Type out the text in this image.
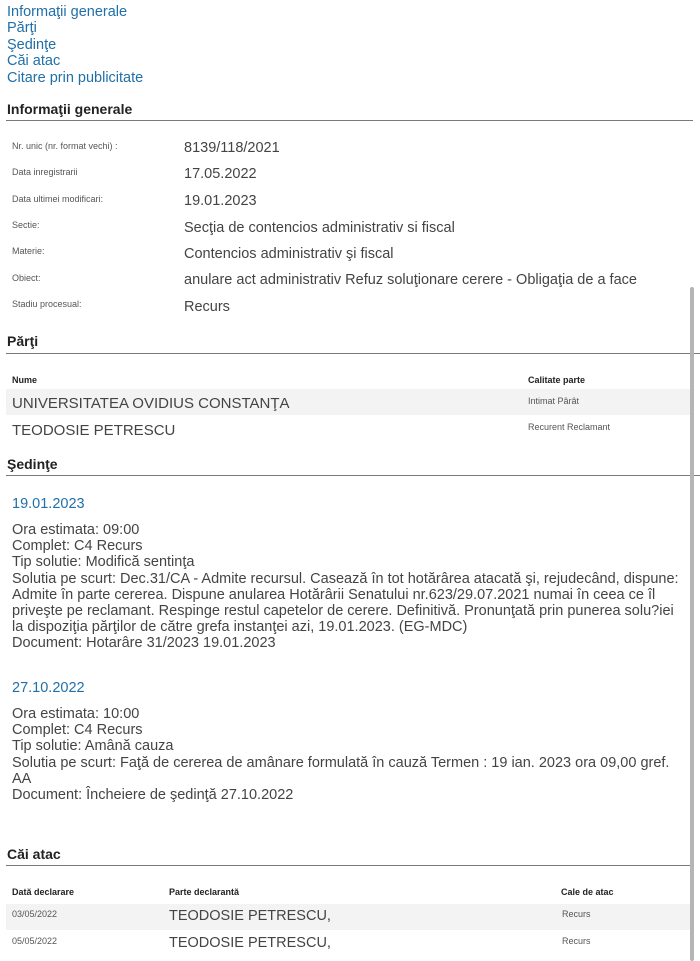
Informaţii generale
Părţi
Şedinţe
Căi atac
Citare prin publicitate
Informaţii generale
Nr. unic (nr. format vechi) :	8139/118/2021
Data inregistrarii	17.05.2022
Data ultimei modificari:	19.01.2023
Sectie:	Secţia de contencios administrativ si fiscal
Materie:	Contencios administrativ şi fiscal
Obiect:	anulare act administrativ Refuz soluţionare cerere - Obligaţia de a face
Stadiu procesual:	Recurs
Părţi
Nume	Calitate parte
UNIVERSITATEA OVIDIUS CONSTANŢA	Intimat Pârât
TEODOSIE PETRESCU	Recurent Reclamant
Şedinţe
19.01.2023
Ora estimata: 09:00
Complet: C4 Recurs
Tip solutie: Modifică sentinţa
Solutia pe scurt: Dec.31/CA - Admite recursul. Casează în tot hotărârea atacată şi, rejudecând, dispune: Admite în parte cererea. Dispune anularea Hotărârii Senatului nr.623/29.07.2021 numai în ceea ce îl priveşte pe reclamant. Respinge restul capetelor de cerere. Definitivă. Pronunţată prin punerea solu?iei la dispoziţia părţilor de către grefa instanţei azi, 19.01.2023. (EG-MDC)
Document: Hotarâre 31/2023 19.01.2023
27.10.2022
Ora estimata: 10:00
Complet: C4 Recurs
Tip solutie: Amână cauza
Solutia pe scurt: Faţă de cererea de amânare formulată în cauză Termen : 19 ian. 2023 ora 09,00 gref. AA
Document: Încheiere de şedinţă 27.10.2022
Căi atac
Dată declarare	Parte declarantă	Cale de atac
03/05/2022	TEODOSIE PETRESCU,	Recurs
05/05/2022	TEODOSIE PETRESCU,	Recurs
